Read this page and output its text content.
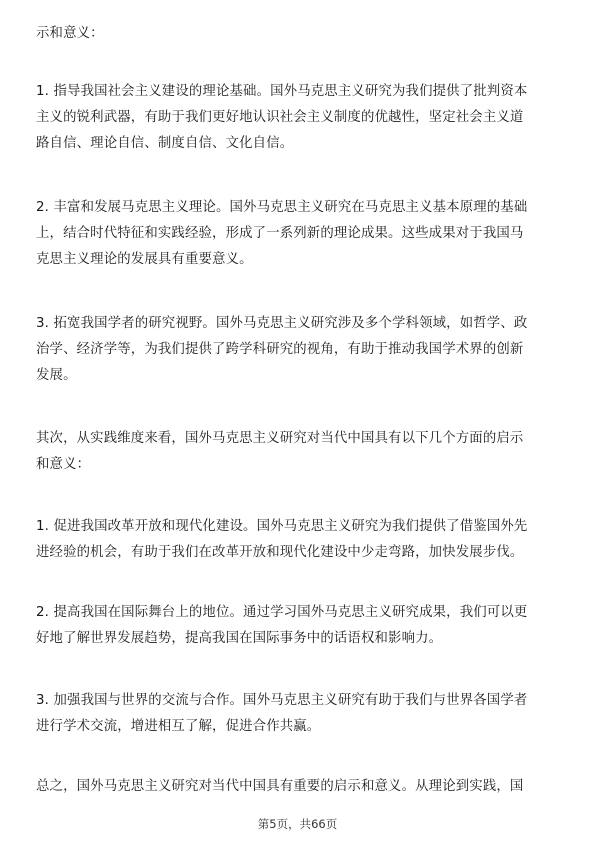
示和意义：

1. 指导我国社会主义建设的理论基础。国外马克思主义研究为我们提供了批判资本
主义的锐利武器，有助于我们更好地认识社会主义制度的优越性，坚定社会主义道
路自信、理论自信、制度自信、文化自信。

2. 丰富和发展马克思主义理论。国外马克思主义研究在马克思主义基本原理的基础
上，结合时代特征和实践经验，形成了一系列新的理论成果。这些成果对于我国马
克思主义理论的发展具有重要意义。

3. 拓宽我国学者的研究视野。国外马克思主义研究涉及多个学科领域，如哲学、政
治学、经济学等，为我们提供了跨学科研究的视角，有助于推动我国学术界的创新
发展。

其次，从实践维度来看，国外马克思主义研究对当代中国具有以下几个方面的启示
和意义：

1. 促进我国改革开放和现代化建设。国外马克思主义研究为我们提供了借鉴国外先
进经验的机会，有助于我们在改革开放和现代化建设中少走弯路，加快发展步伐。

2. 提高我国在国际舞台上的地位。通过学习国外马克思主义研究成果，我们可以更
好地了解世界发展趋势，提高我国在国际事务中的话语权和影响力。

3. 加强我国与世界的交流与合作。国外马克思主义研究有助于我们与世界各国学者
进行学术交流，增进相互了解，促进合作共赢。

总之，国外马克思主义研究对当代中国具有重要的启示和意义。从理论到实践，国

第5页，共66页
